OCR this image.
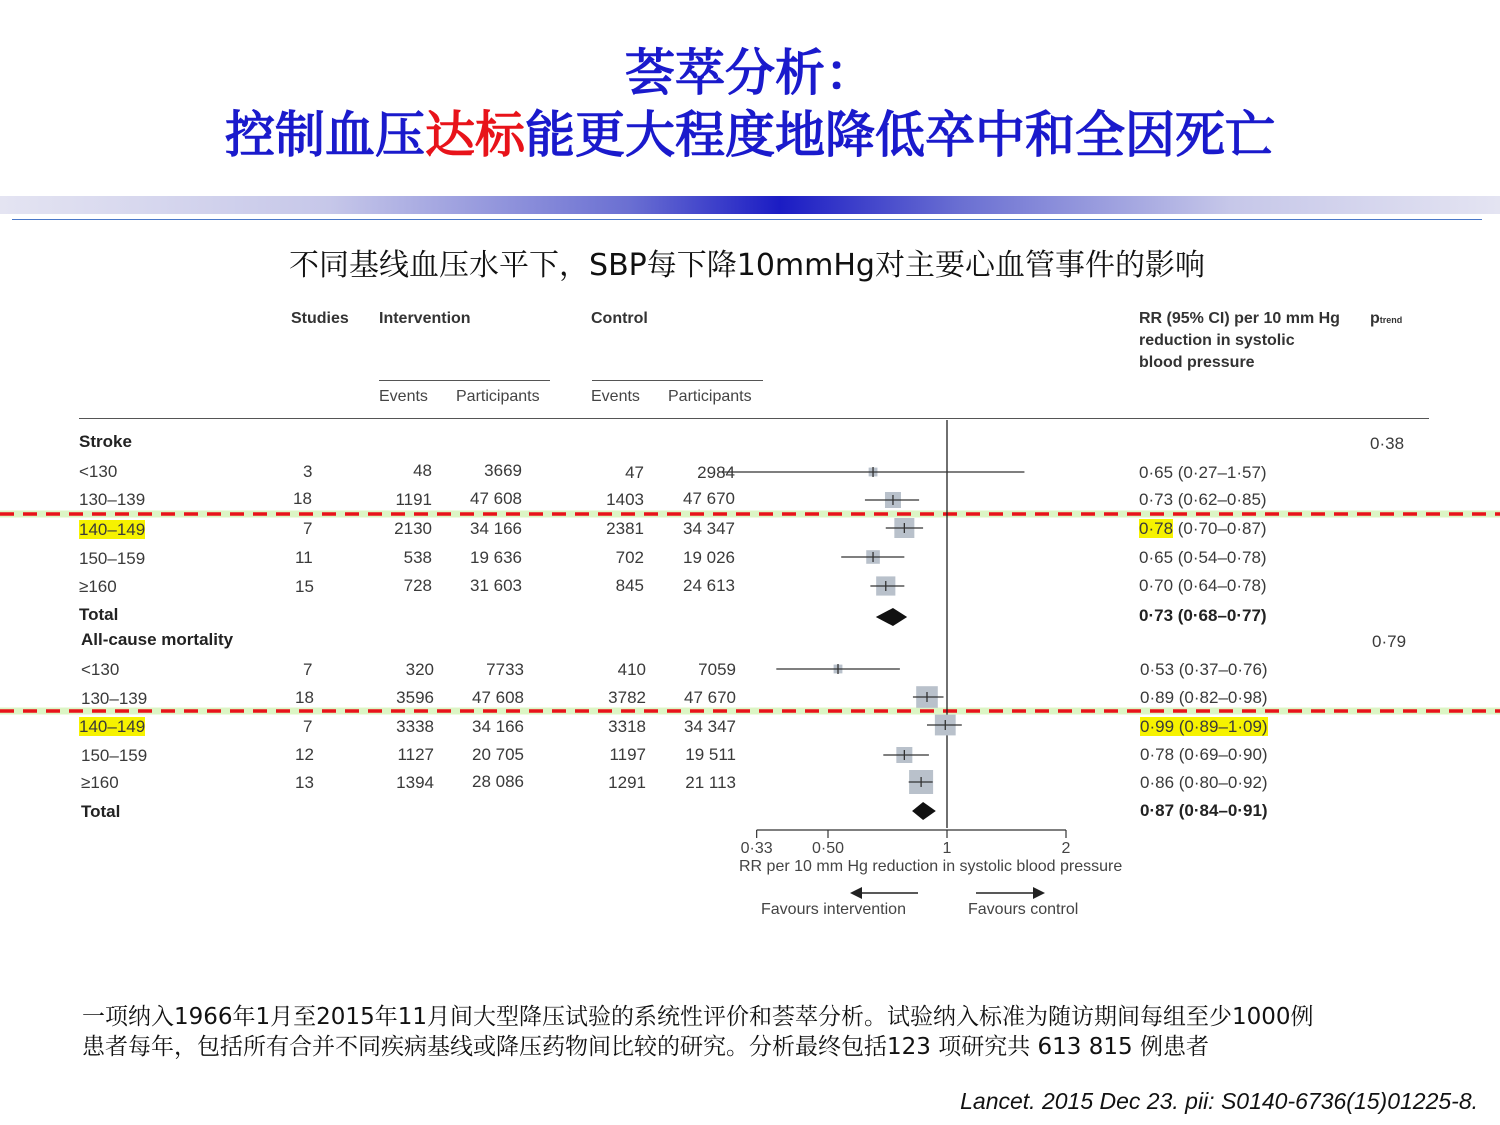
荟萃分析：
控制血压达标能更大程度地降低卒中和全因死亡
不同基线血压水平下，SBP每下降10mmHg对主要心血管事件的影响
Studies Intervention	Control	RR (95% CI) per 10 mm Hg
reduction in systolic
blood pressure
ptrend
Events Participants	Events Participants
Stroke	0·38
<130	3	48	3669	47	2984	0·65 (0·27–1·57)
130–139	18	1191	47 608	1403	47 670	0·73 (0·62–0·85)
140–149	7	2130	34 166	2381	34 347	0·78 (0·70–0·87)
150–159	11	538	19 636	702	19 026	0·65 (0·54–0·78)
≥160	15	728	31 603	845	24 613	0·70 (0·64–0·78)
Total	0·73 (0·68–0·77)
All-cause mortality	0·79
<130	7	320	7733	410	7059	0·53 (0·37–0·76)
130–139	18	3596	47 608	3782	47 670	0·89 (0·82–0·98)
140–149	7	3338	34 166	3318	34 347	0·99 (0·89–1·09)
150–159	12	1127	20 705	1197	19 511	0·78 (0·69–0·90)
≥160	13	1394	28 086	1291	21 113	0·86 (0·80–0·92)
Total	0·87 (0·84–0·91)
0·33 0·50	1	2
RR per 10 mm Hg reduction in systolic blood pressure
Favours intervention	Favours control
一项纳入1966年1月至2015年11月间大型降压试验的系统性评价和荟萃分析。试验纳入标准为随访期间每组至少1000例
患者每年，包括所有合并不同疾病基线或降压药物间比较的研究。分析最终包括123 项研究共 613 815 例患者
Lancet. 2015 Dec 23. pii: S0140-6736(15)01225-8.
